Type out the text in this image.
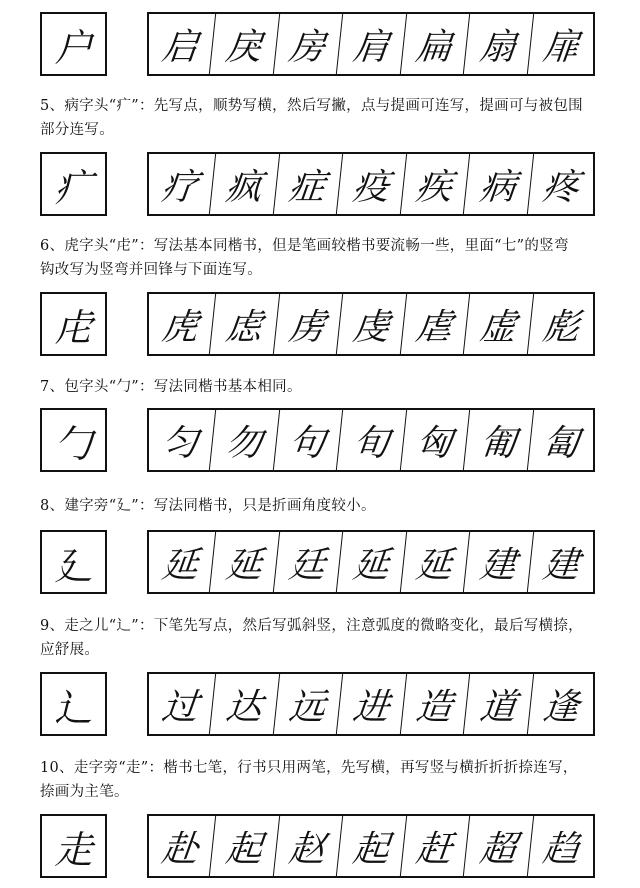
户	启 戾 房 肩 扁 扇 扉
5、病字头“疒”：先写点，顺势写横，然后写撇，点与提画可连写，提画可与被包围
部分连写。
疒	疗 疯 症 疫 疾 病 疼
6、虎字头“虍”：写法基本同楷书，但是笔画较楷书要流畅一些，里面“七”的竖弯
钩改写为竖弯并回锋与下面连写。
虍	虎 虑 虏 虔 虐 虚 彪
7、包字头“勹”：写法同楷书基本相同。
勹	匀 勿 句 旬 匈 匍 匐
8、建字旁“廴”：写法同楷书，只是折画角度较小。
廴	延 延 廷 延 延 建 建
9、走之儿“辶”：下笔先写点，然后写弧斜竖，注意弧度的微略变化，最后写横捺，
应舒展。
辶	过 达 远 进 造 道 逢
10、走字旁“走”：楷书七笔，行书只用两笔，先写横，再写竖与横折折折捺连写，
捺画为主笔。
走	赴 起 赵 起 赶 超 趋
